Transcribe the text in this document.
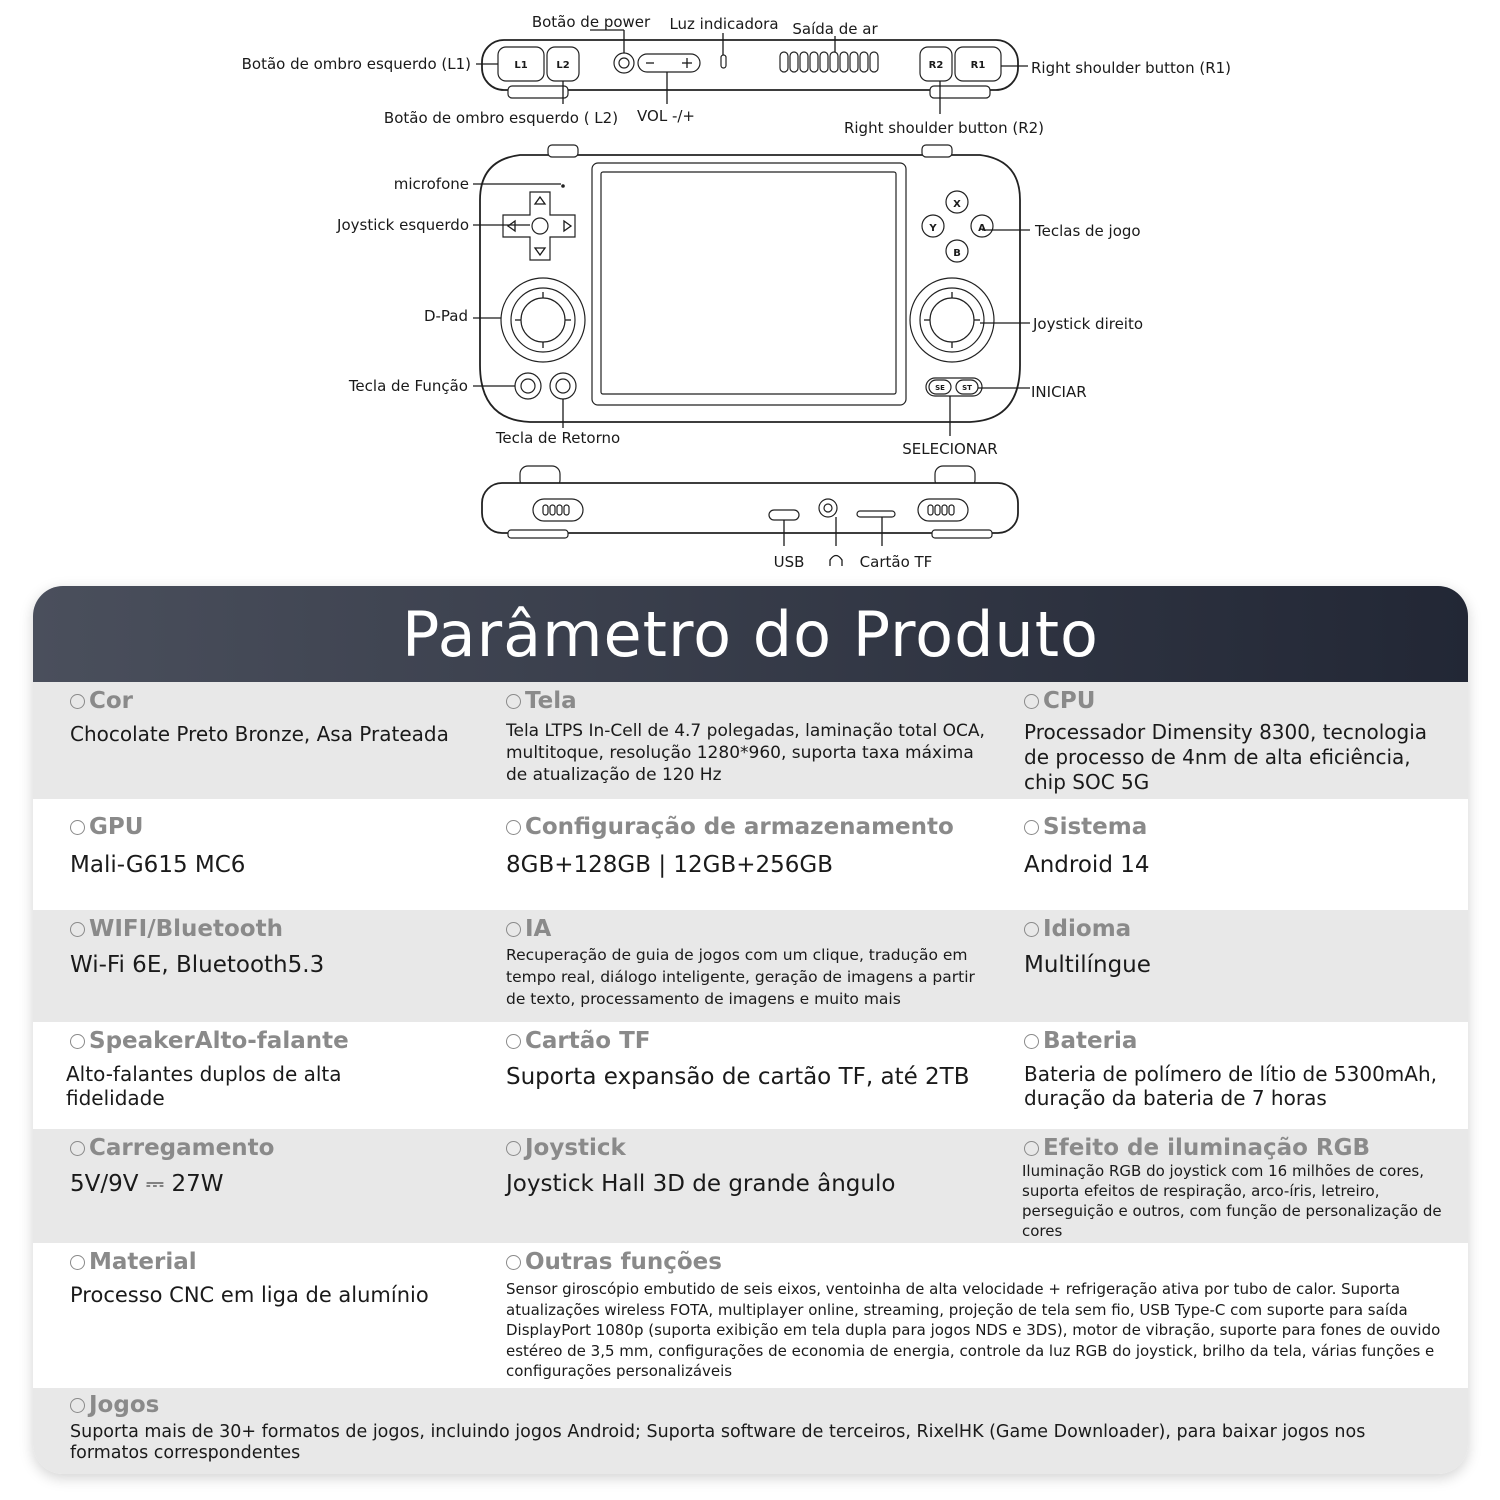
L1	L2	R2	R1
Botão de power Luz indicadora Saída de ar
Botão de ombro esquerdo (L1)
Botão de ombro esquerdo ( L2) VOL -/+
Right shoulder button (R1)
Right shoulder button (R2)
X
Y	A
B
SE ST
microfone
Joystick esquerdo
D-Pad
Tecla de Função
Tecla de Retorno
Teclas de jogo
Joystick direito
INICIAR
SELECIONAR
USB	Cartão TF
Parâmetro do Produto
Cor
Chocolate Preto Bronze, Asa Prateada
Tela
Tela LTPS In-Cell de 4.7 polegadas, laminação total OCA, multitoque, resolução 1280*960, suporta taxa máxima de atualização de 120 Hz
CPU
Processador Dimensity 8300, tecnologia de processo de 4nm de alta eficiência, chip SOC 5G
GPU
Mali-G615 MC6
Configuração de armazenamento
8GB+128GB | 12GB+256GB
Sistema
Android 14
WIFI/Bluetooth
Wi-Fi 6E, Bluetooth5.3
IA
Recuperação de guia de jogos com um clique, tradução em tempo real, diálogo inteligente, geração de imagens a partir de texto, processamento de imagens e muito mais
Idioma
Multilíngue
SpeakerAlto-falante
Alto-falantes duplos de alta fidelidade
Cartão TF
Suporta expansão de cartão TF, até 2TB
Bateria
Bateria de polímero de lítio de 5300mAh, duração da bateria de 7 horas
Carregamento
5V/9V ⎓ 27W
Joystick
Joystick Hall 3D de grande ângulo
Efeito de iluminação RGB
Iluminação RGB do joystick com 16 milhões de cores, suporta efeitos de respiração, arco-íris, letreiro, perseguição e outros, com função de personalização de cores
Material
Processo CNC em liga de alumínio
Outras funções
Sensor giroscópio embutido de seis eixos, ventoinha de alta velocidade + refrigeração ativa por tubo de calor. Suporta atualizações wireless FOTA, multiplayer online, streaming, projeção de tela sem fio, USB Type-C com suporte para saída DisplayPort 1080p (suporta exibição em tela dupla para jogos NDS e 3DS), motor de vibração, suporte para fones de ouvido estéreo de 3,5 mm, configurações de economia de energia, controle da luz RGB do joystick, brilho da tela, várias funções e configurações personalizáveis
Jogos
Suporta mais de 30+ formatos de jogos, incluindo jogos Android; Suporta software de terceiros, RixelHK (Game Downloader), para baixar jogos nos formatos correspondentes
